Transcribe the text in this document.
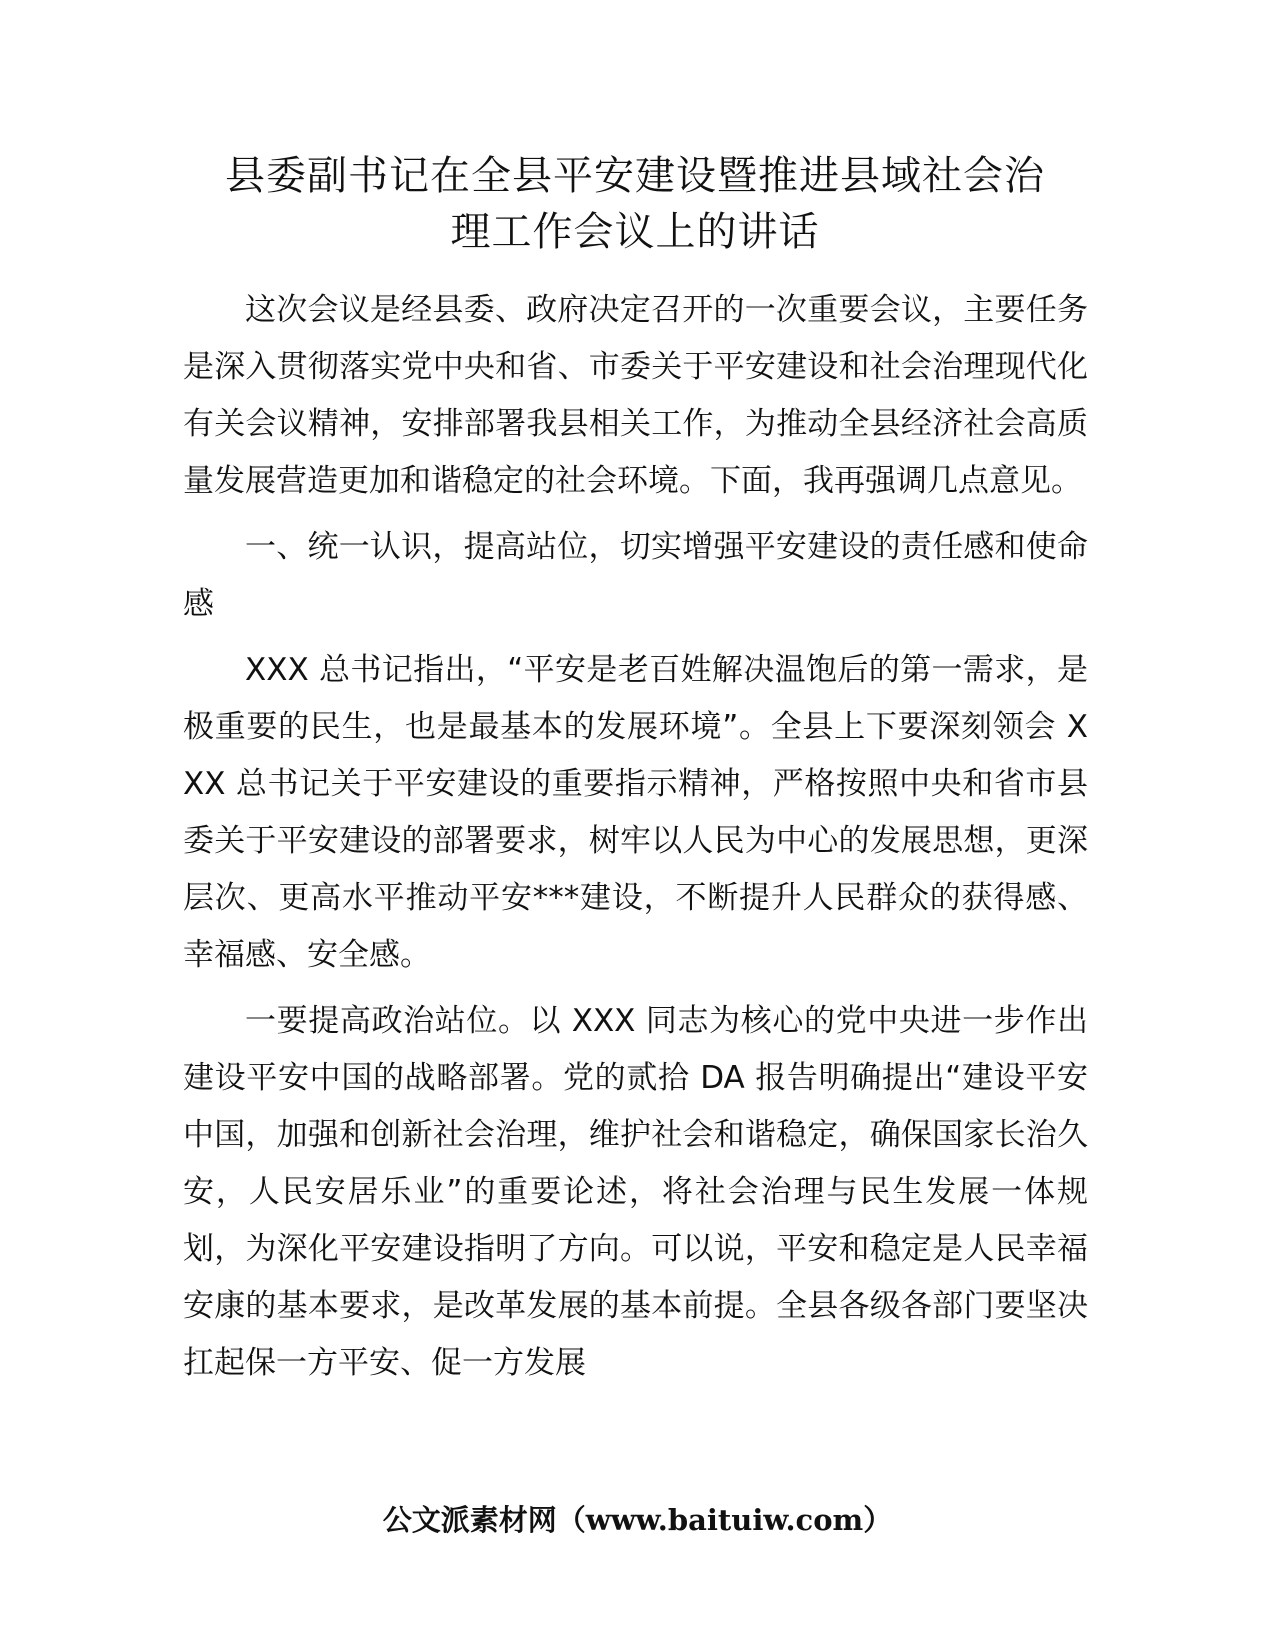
县委副书记在全县平安建设暨推进县域社会治
理工作会议上的讲话

这次会议是经县委、政府决定召开的一次重要会议，主要任务是深入贯彻落实党中央和省、市委关于平安建设和社会治理现代化有关会议精神，安排部署我县相关工作，为推动全县经济社会高质量发展营造更加和谐稳定的社会环境。下面，我再强调几点意见。

一、统一认识，提高站位，切实增强平安建设的责任感和使命感

XXX 总书记指出，“平安是老百姓解决温饱后的第一需求，是极重要的民生，也是最基本的发展环境”。全县上下要深刻领会 XXX 总书记关于平安建设的重要指示精神，严格按照中央和省市县委关于平安建设的部署要求，树牢以人民为中心的发展思想，更深层次、更高水平推动平安***建设，不断提升人民群众的获得感、幸福感、安全感。

一要提高政治站位。以 XXX 同志为核心的党中央进一步作出建设平安中国的战略部署。党的贰拾 DA 报告明确提出“建设平安中国，加强和创新社会治理，维护社会和谐稳定，确保国家长治久安，人民安居乐业”的重要论述，将社会治理与民生发展一体规划，为深化平安建设指明了方向。可以说，平安和稳定是人民幸福安康的基本要求，是改革发展的基本前提。全县各级各部门要坚决扛起保一方平安、促一方发展

公文派素材网（www.baituiw.com）
